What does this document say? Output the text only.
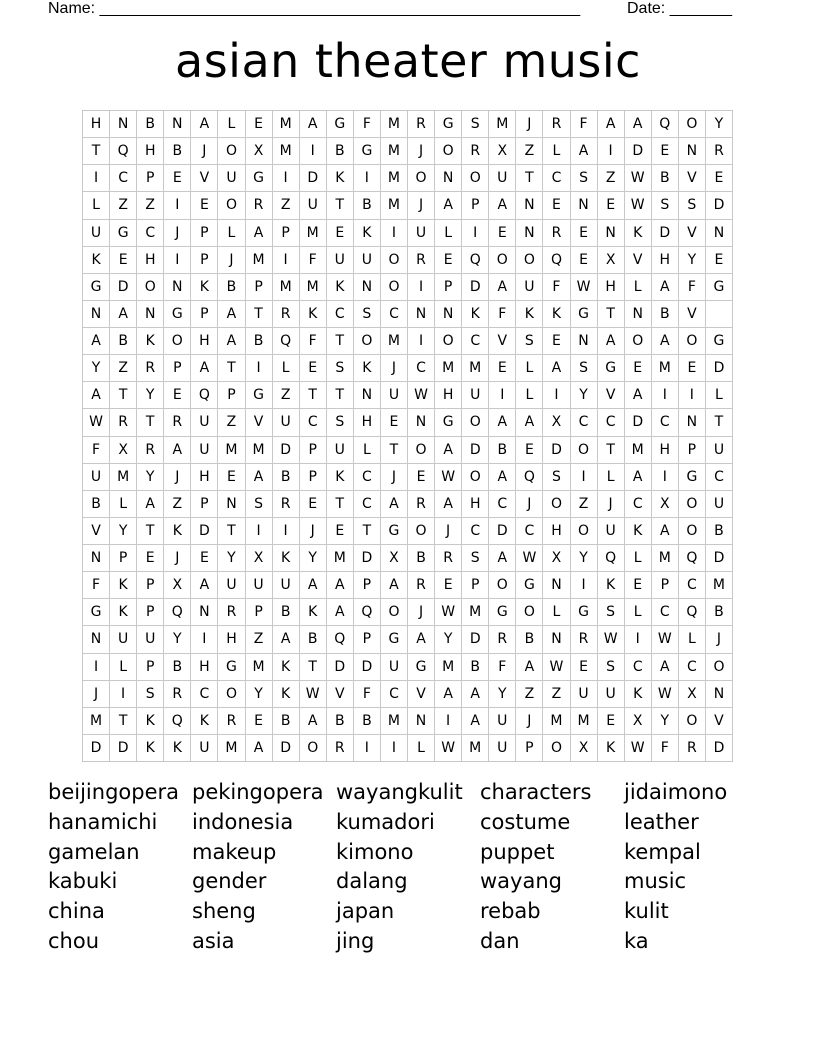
Name: ______________________________________________________	Date: _______
asian theater music
H	N	B	N	A	L	E	M	A	G	F	M	R	G	S	M	J	R	F	A	A	Q	O	Y
T	Q	H	B	J	O	X	M	I	B	G	M	J	O	R	X	Z	L	A	I	D	E	N	R
I	C	P	E	V	U	G	I	D	K	I	M	O	N	O	U	T	C	S	Z	W	B	V	E
L	Z	Z	I	E	O	R	Z	U	T	B	M	J	A	P	A	N	E	N	E	W	S	S	D
U	G	C	J	P	L	A	P	M	E	K	I	U	L	I	E	N	R	E	N	K	D	V	N
K	E	H	I	P	J	M	I	F	U	U	O	R	E	Q	O	O	Q	E	X	V	H	Y	E
G	D	O	N	K	B	P	M	M	K	N	O	I	P	D	A	U	F	W	H	L	A	F	G
N	A	N	G	P	A	T	R	K	C	S	C	N	N	K	F	K	K	G	T	N	B	V
A	B	K	O	H	A	B	Q	F	T	O	M	I	O	C	V	S	E	N	A	O	A	O	G
Y	Z	R	P	A	T	I	L	E	S	K	J	C	M	M	E	L	A	S	G	E	M	E	D
A	T	Y	E	Q	P	G	Z	T	T	N	U	W	H	U	I	L	I	Y	V	A	I	I	L
W	R	T	R	U	Z	V	U	C	S	H	E	N	G	O	A	A	X	C	C	D	C	N	T
F	X	R	A	U	M	M	D	P	U	L	T	O	A	D	B	E	D	O	T	M	H	P	U
U	M	Y	J	H	E	A	B	P	K	C	J	E	W	O	A	Q	S	I	L	A	I	G	C
B	L	A	Z	P	N	S	R	E	T	C	A	R	A	H	C	J	O	Z	J	C	X	O	U
V	Y	T	K	D	T	I	I	J	E	T	G	O	J	C	D	C	H	O	U	K	A	O	B
N	P	E	J	E	Y	X	K	Y	M	D	X	B	R	S	A	W	X	Y	Q	L	M	Q	D
F	K	P	X	A	U	U	U	A	A	P	A	R	E	P	O	G	N	I	K	E	P	C	M
G	K	P	Q	N	R	P	B	K	A	Q	O	J	W	M	G	O	L	G	S	L	C	Q	B
N	U	U	Y	I	H	Z	A	B	Q	P	G	A	Y	D	R	B	N	R	W	I	W	L	J
I	L	P	B	H	G	M	K	T	D	D	U	G	M	B	F	A	W	E	S	C	A	C	O
J	I	S	R	C	O	Y	K	W	V	F	C	V	A	A	Y	Z	Z	U	U	K	W	X	N
M	T	K	Q	K	R	E	B	A	B	B	M	N	I	A	U	J	M	M	E	X	Y	O	V
D	D	K	K	U	M	A	D	O	R	I	I	L	W	M	U	P	O	X	K	W	F	R	D
beijingopera pekingopera wayangkulit characters	jidaimono
hanamichi	indonesia	kumadori	costume	leather
gamelan	makeup	kimono	puppet	kempal
kabuki	gender	dalang	wayang	music
china	sheng	japan	rebab	kulit
chou	asia	jing	dan	ka
